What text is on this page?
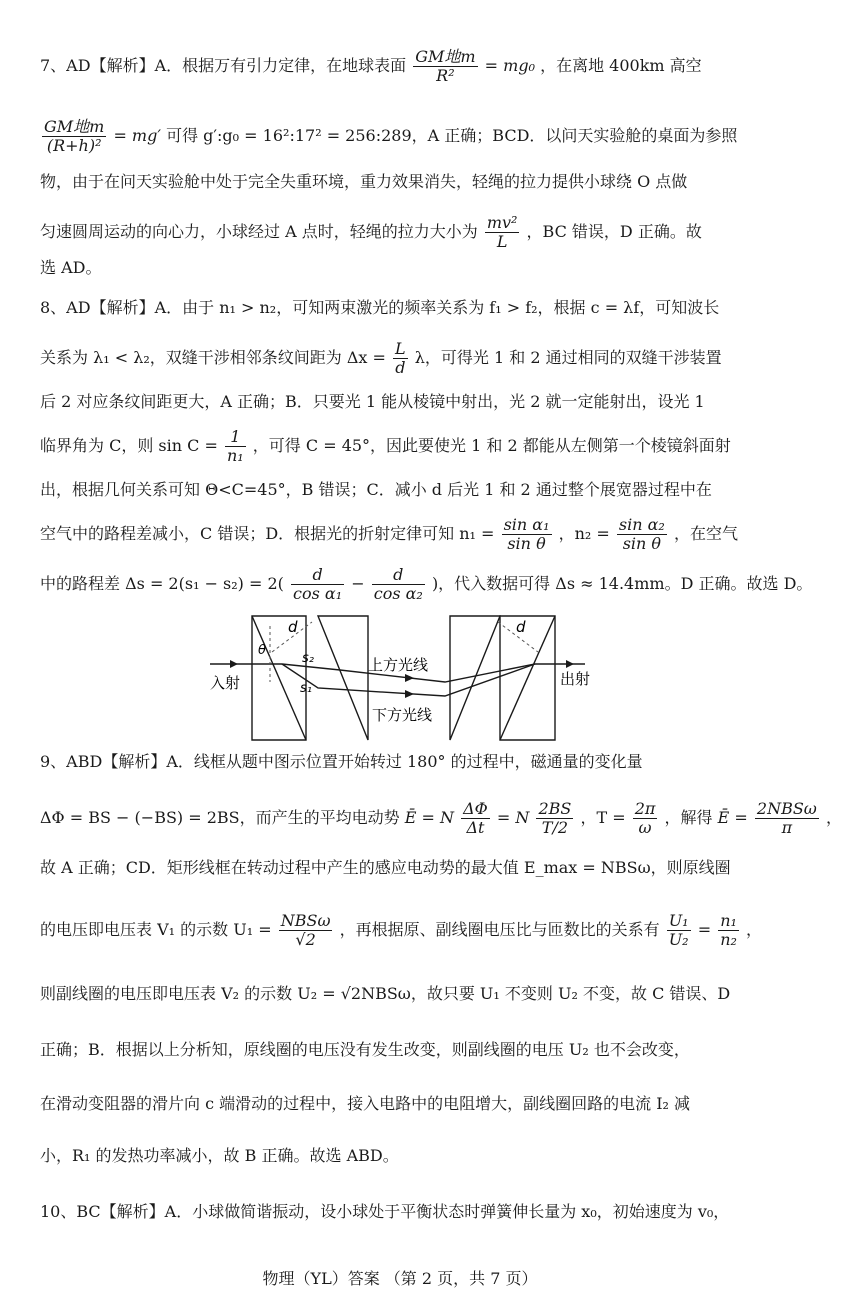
7、AD【解析】A．根据万有引力定律，在地球表面 $\frac{\text{GM地m}}{\text{R²}} = mg_0$ ，在离地 400km 高空
$\frac{\text{GM地m}}{\text{(R+h)²}} = mg'$ 可得 g′:g₀ = 16²:17² = 256:289，A 正确；BCD．以问天实验舱的桌面为参照
物，由于在问天实验舱中处于完全失重环境，重力效果消失，轻绳的拉力提供小球绕 O 点做
匀速圆周运动的向心力，小球经过 A 点时，轻绳的拉力大小为 $\frac{\text{mv²}}{L}$ ，BC 错误，D 正确。故
选 AD。
8、AD【解析】A．由于 n₁ > n₂，可知两束激光的频率关系为 f₁ > f₂，根据 c = λf，可知波长
关系为 λ₁ < λ₂，双缝干涉相邻条纹间距为 $\Delta x = \frac{L}{d}$ λ，可得光 1 和 2 通过相同的双缝干涉装置
后 2 对应条纹间距更大，A 正确；B．只要光 1 能从棱镜中射出，光 2 就一定能射出，设光 1
临界角为 C，则 $\sin C = \frac{1}{\text{n₁}}$ ，可得 C = 45°，因此要使光 1 和 2 都能从左侧第一个棱镜斜面射
出，根据几何关系可知 Θ<C=45°，B 错误；C．减小 d 后光 1 和 2 通过整个展宽器过程中在
空气中的路程差减小，C 错误；D．根据光的折射定律可知 $n_1 = \frac{\text{sin α₁}}{\text{sin θ}}$ ，$n_2 = \frac{\text{sin α₂}}{\text{sin θ}}$ ，在空气
中的路程差 $\Delta s = 2(s_1 - s_2) = 2( \frac{d}{\text{cos α₁}} - \frac{d}{\text{cos α₂}}$ )，代入数据可得 Δs ≈ 14.4mm。D 正确。故选 D。
d	d
θ
s₂
s₁
入射	出射
上方光线
下方光线
9、ABD【解析】A．线框从题中图示位置开始转过 180° 的过程中，磁通量的变化量
ΔΦ = BS − (−BS) = 2BS，而产生的平均电动势 Ē = N $\frac{\Delta\Phi}{\Delta t} = N \frac{2BS}{T/2}$ ，$T = \frac{2\pi}{\omega}$ ，解得 Ē = $\frac{\text{2NBSω}}{\pi}$ ，
故 A 正确；CD．矩形线框在转动过程中产生的感应电动势的最大值 E_max = NBSω，则原线圈
的电压即电压表 V₁ 的示数 $U_1 = \frac{\text{NBSω}}{√2}$ ，再根据原、副线圈电压比与匝数比的关系有 $\frac{\text{U₁}}{\text{U₂}} = \frac{\text{n₁}}{\text{n₂}}$ ，
则副线圈的电压即电压表 V₂ 的示数 U₂ = √2NBSω，故只要 U₁ 不变则 U₂ 不变，故 C 错误、D
正确；B．根据以上分析知，原线圈的电压没有发生改变，则副线圈的电压 U₂ 也不会改变，
在滑动变阻器的滑片向 c 端滑动的过程中，接入电路中的电阻增大，副线圈回路的电流 I₂ 减
小，R₁ 的发热功率减小，故 B 正确。故选 ABD。
10、BC【解析】A．小球做简谐振动，设小球处于平衡状态时弹簧伸长量为 x₀，初始速度为 v₀，
物理（YL）答案 （第 2 页，共 7 页）
